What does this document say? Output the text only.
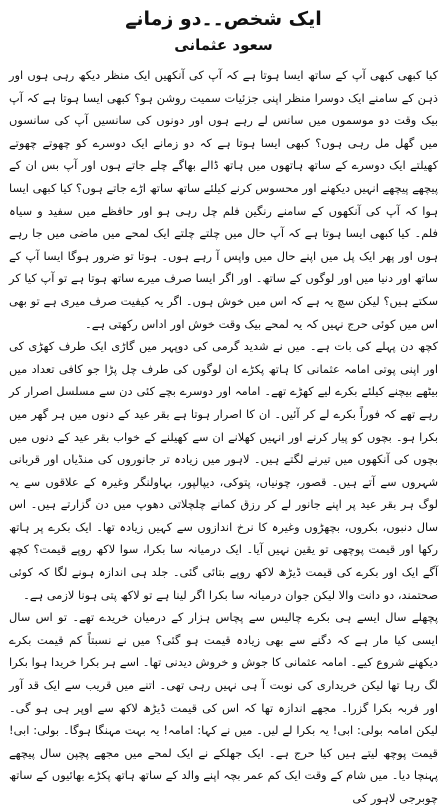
ایک شخص۔۔دو زمانے
سعود عثمانی

کیا کبھی کبھی آپ کے ساتھ ایسا ہوتا ہے کہ آپ کی آنکھیں ایک منظر دیکھ رہی ہوں اور ذہن کے سامنے ایک دوسرا منظر اپنی جزئیات سمیت روشن ہو؟ کبھی ایسا ہوتا ہے کہ آپ بیک وقت دو موسموں میں سانس لے رہے ہوں اور دونوں کی سانسیں آپ کی سانسوں میں گھل مل رہی ہوں؟ کبھی ایسا ہوتا ہے کہ دو زمانے ایک دوسرے کو چھوتے چھوتے کھیلتے ایک دوسرے کے ساتھ ہاتھوں میں ہاتھ ڈالے بھاگے چلے جاتے ہوں اور آپ بس ان کے پیچھے پیچھے انہیں دیکھنے اور محسوس کرنے کیلئے ساتھ ساتھ اڑے جاتے ہوں؟ کیا کبھی ایسا ہوا کہ آپ کی آنکھوں کے سامنے رنگین فلم چل رہی ہو اور حافظے میں سفید و سیاہ فلم۔ کیا کبھی ایسا ہوتا ہے کہ آپ حال میں چلتے چلتے ایک لمحے میں ماضی میں جا رہے ہوں اور پھر ایک پل میں اپنے حال میں واپس آ رہے ہوں۔ ہوتا تو ضرور ہوگا ایسا آپ کے ساتھ اور دنیا میں اور لوگوں کے ساتھ۔ اور اگر ایسا صرف میرے ساتھ ہوتا ہے تو آپ کیا کر سکتے ہیں؟ لیکن سچ یہ ہے کہ اس میں خوش ہوں۔ اگر یہ کیفیت صرف میری ہے تو بھی اس میں کوئی حرج نہیں کہ یہ لمحے بیک وقت خوش اور اداس رکھتی ہے۔

کچھ دن پہلے کی بات ہے۔ میں نے شدید گرمی کی دوپہر میں گاڑی ایک طرف کھڑی کی اور اپنی پوتی امامہ عثمانی کا ہاتھ پکڑے ان لوگوں کی طرف چل پڑا جو کافی تعداد میں بیٹھے بیچنے کیلئے بکرے لیے کھڑے تھے۔ امامہ اور دوسرے بچے کئی دن سے مسلسل اصرار کر رہے تھے کہ فوراً بکرے لے کر آئیں۔ ان کا اصرار ہوتا ہے بقر عید کے دنوں میں ہر گھر میں بکرا ہو۔ بچوں کو پیار کرنے اور انہیں کھلانے ان سے کھیلنے کے خواب بقر عید کے دنوں میں بچوں کی آنکھوں میں تیرنے لگتے ہیں۔ لاہور میں زیادہ تر جانوروں کی منڈیاں اور قربانی شہروں سے آتے ہیں۔ قصور، چونیاں، پتوکی، دیپالپور، بہاولنگر وغیرہ کے علاقوں سے یہ لوگ ہر بقر عید پر اپنے جانور لے کر رزق کمانے چلچلاتی دھوپ میں دن گزارتے ہیں۔ اس سال دنبوں، بکروں، بچھڑوں وغیرہ کا نرخ اندازوں سے کہیں زیادہ تھا۔ ایک بکرے پر ہاتھ رکھا اور قیمت پوچھی تو یقین نہیں آیا۔ ایک درمیانہ سا بکرا، سوا لاکھ روپے قیمت؟ کچھ آگے ایک اور بکرے کی قیمت ڈیڑھ لاکھ روپے بتائی گئی۔ جلد ہی اندازہ ہونے لگا کہ کوئی صحتمند، دو دانت والا لیکن جوان درمیانہ سا بکرا اگر لینا ہے تو لاکھ پتی ہونا لازمی ہے۔

پچھلے سال ایسے ہی بکرے چالیس سے پچاس ہزار کے درمیان خریدے تھے۔ تو اس سال ایسی کیا مار ہے کہ دگنے سے بھی زیادہ قیمت ہو گئی؟ میں نے نسبتاً کم قیمت بکرے دیکھنے شروع کیے۔ امامہ عثمانی کا جوش و خروش دیدنی تھا۔ اسے ہر بکرا خریدا ہوا بکرا لگ رہا تھا لیکن خریداری کی نوبت آ ہی نہیں رہی تھی۔ اتنے میں قریب سے ایک قد آور اور فربہ بکرا گزرا۔ مجھے اندازہ تھا کہ اس کی قیمت ڈیڑھ لاکھ سے اوپر ہی ہو گی۔ لیکن امامہ بولی: ابی! یہ بکرا لے لیں۔ میں نے کہا: امامہ! یہ بہت مہنگا ہوگا۔ بولی: ابی! قیمت پوچھ لیتے ہیں کیا حرج ہے۔ ایک جھلکے نے ایک لمحے میں مجھے پچپن سال پیچھے پہنچا دیا۔ میں شام کے وقت ایک کم عمر بچہ اپنے والد کے ساتھ ہاتھ پکڑے بھائیوں کے ساتھ چوبرجی لاہور کی
